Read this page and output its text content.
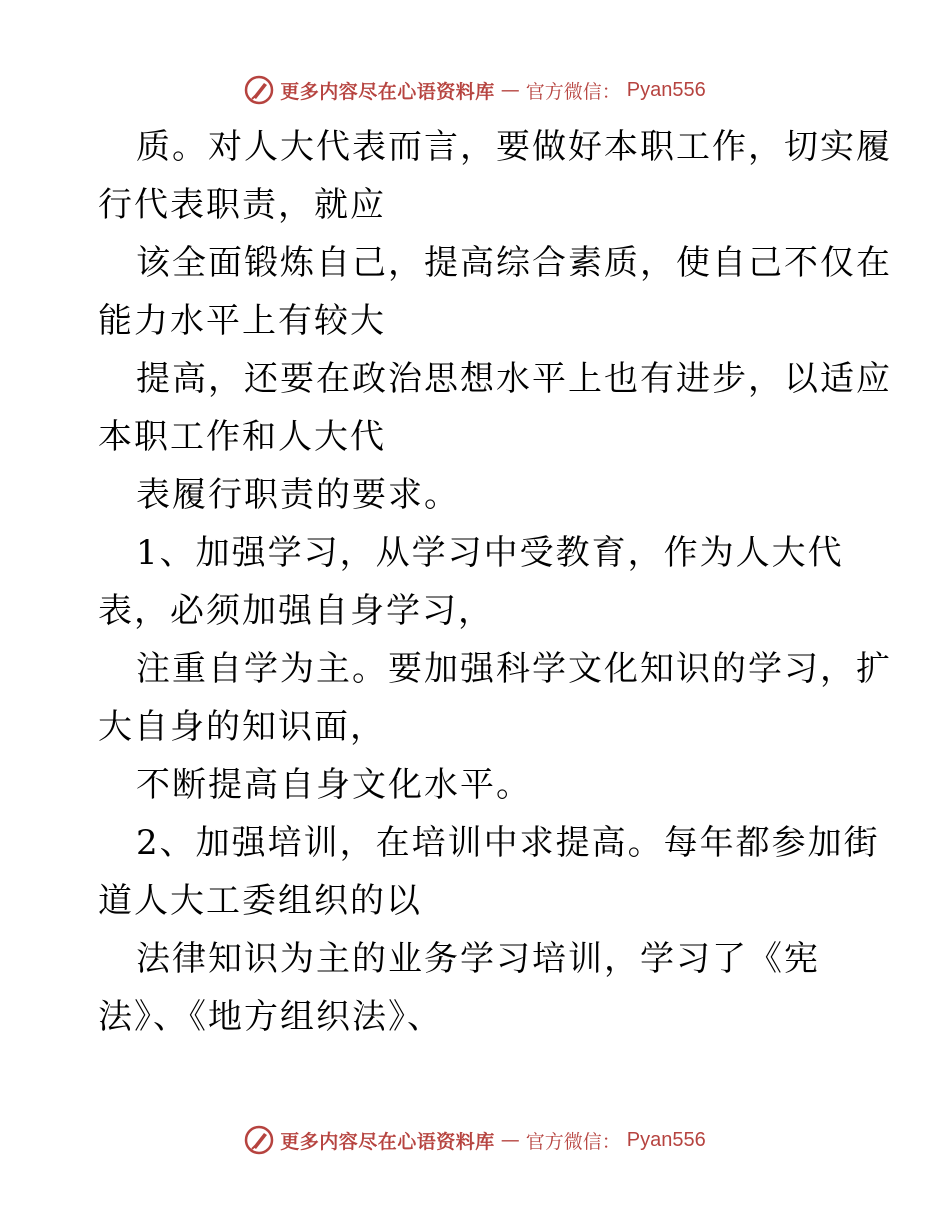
更多内容尽在心语资料库 — 官方微信： Pyan556
质。对人大代表而言，要做好本职工作，切实履
行代表职责，就应
该全面锻炼自己，提高综合素质，使自己不仅在
能力水平上有较大
提高，还要在政治思想水平上也有进步，以适应
本职工作和人大代
表履行职责的要求。
1、加强学习，从学习中受教育，作为人大代
表，必须加强自身学习，
注重自学为主。要加强科学文化知识的学习，扩
大自身的知识面，
不断提高自身文化水平。
2、加强培训，在培训中求提高。每年都参加街
道人大工委组织的以
法律知识为主的业务学习培训，学习了《宪
法》、《地方组织法》、
更多内容尽在心语资料库 — 官方微信： Pyan556
